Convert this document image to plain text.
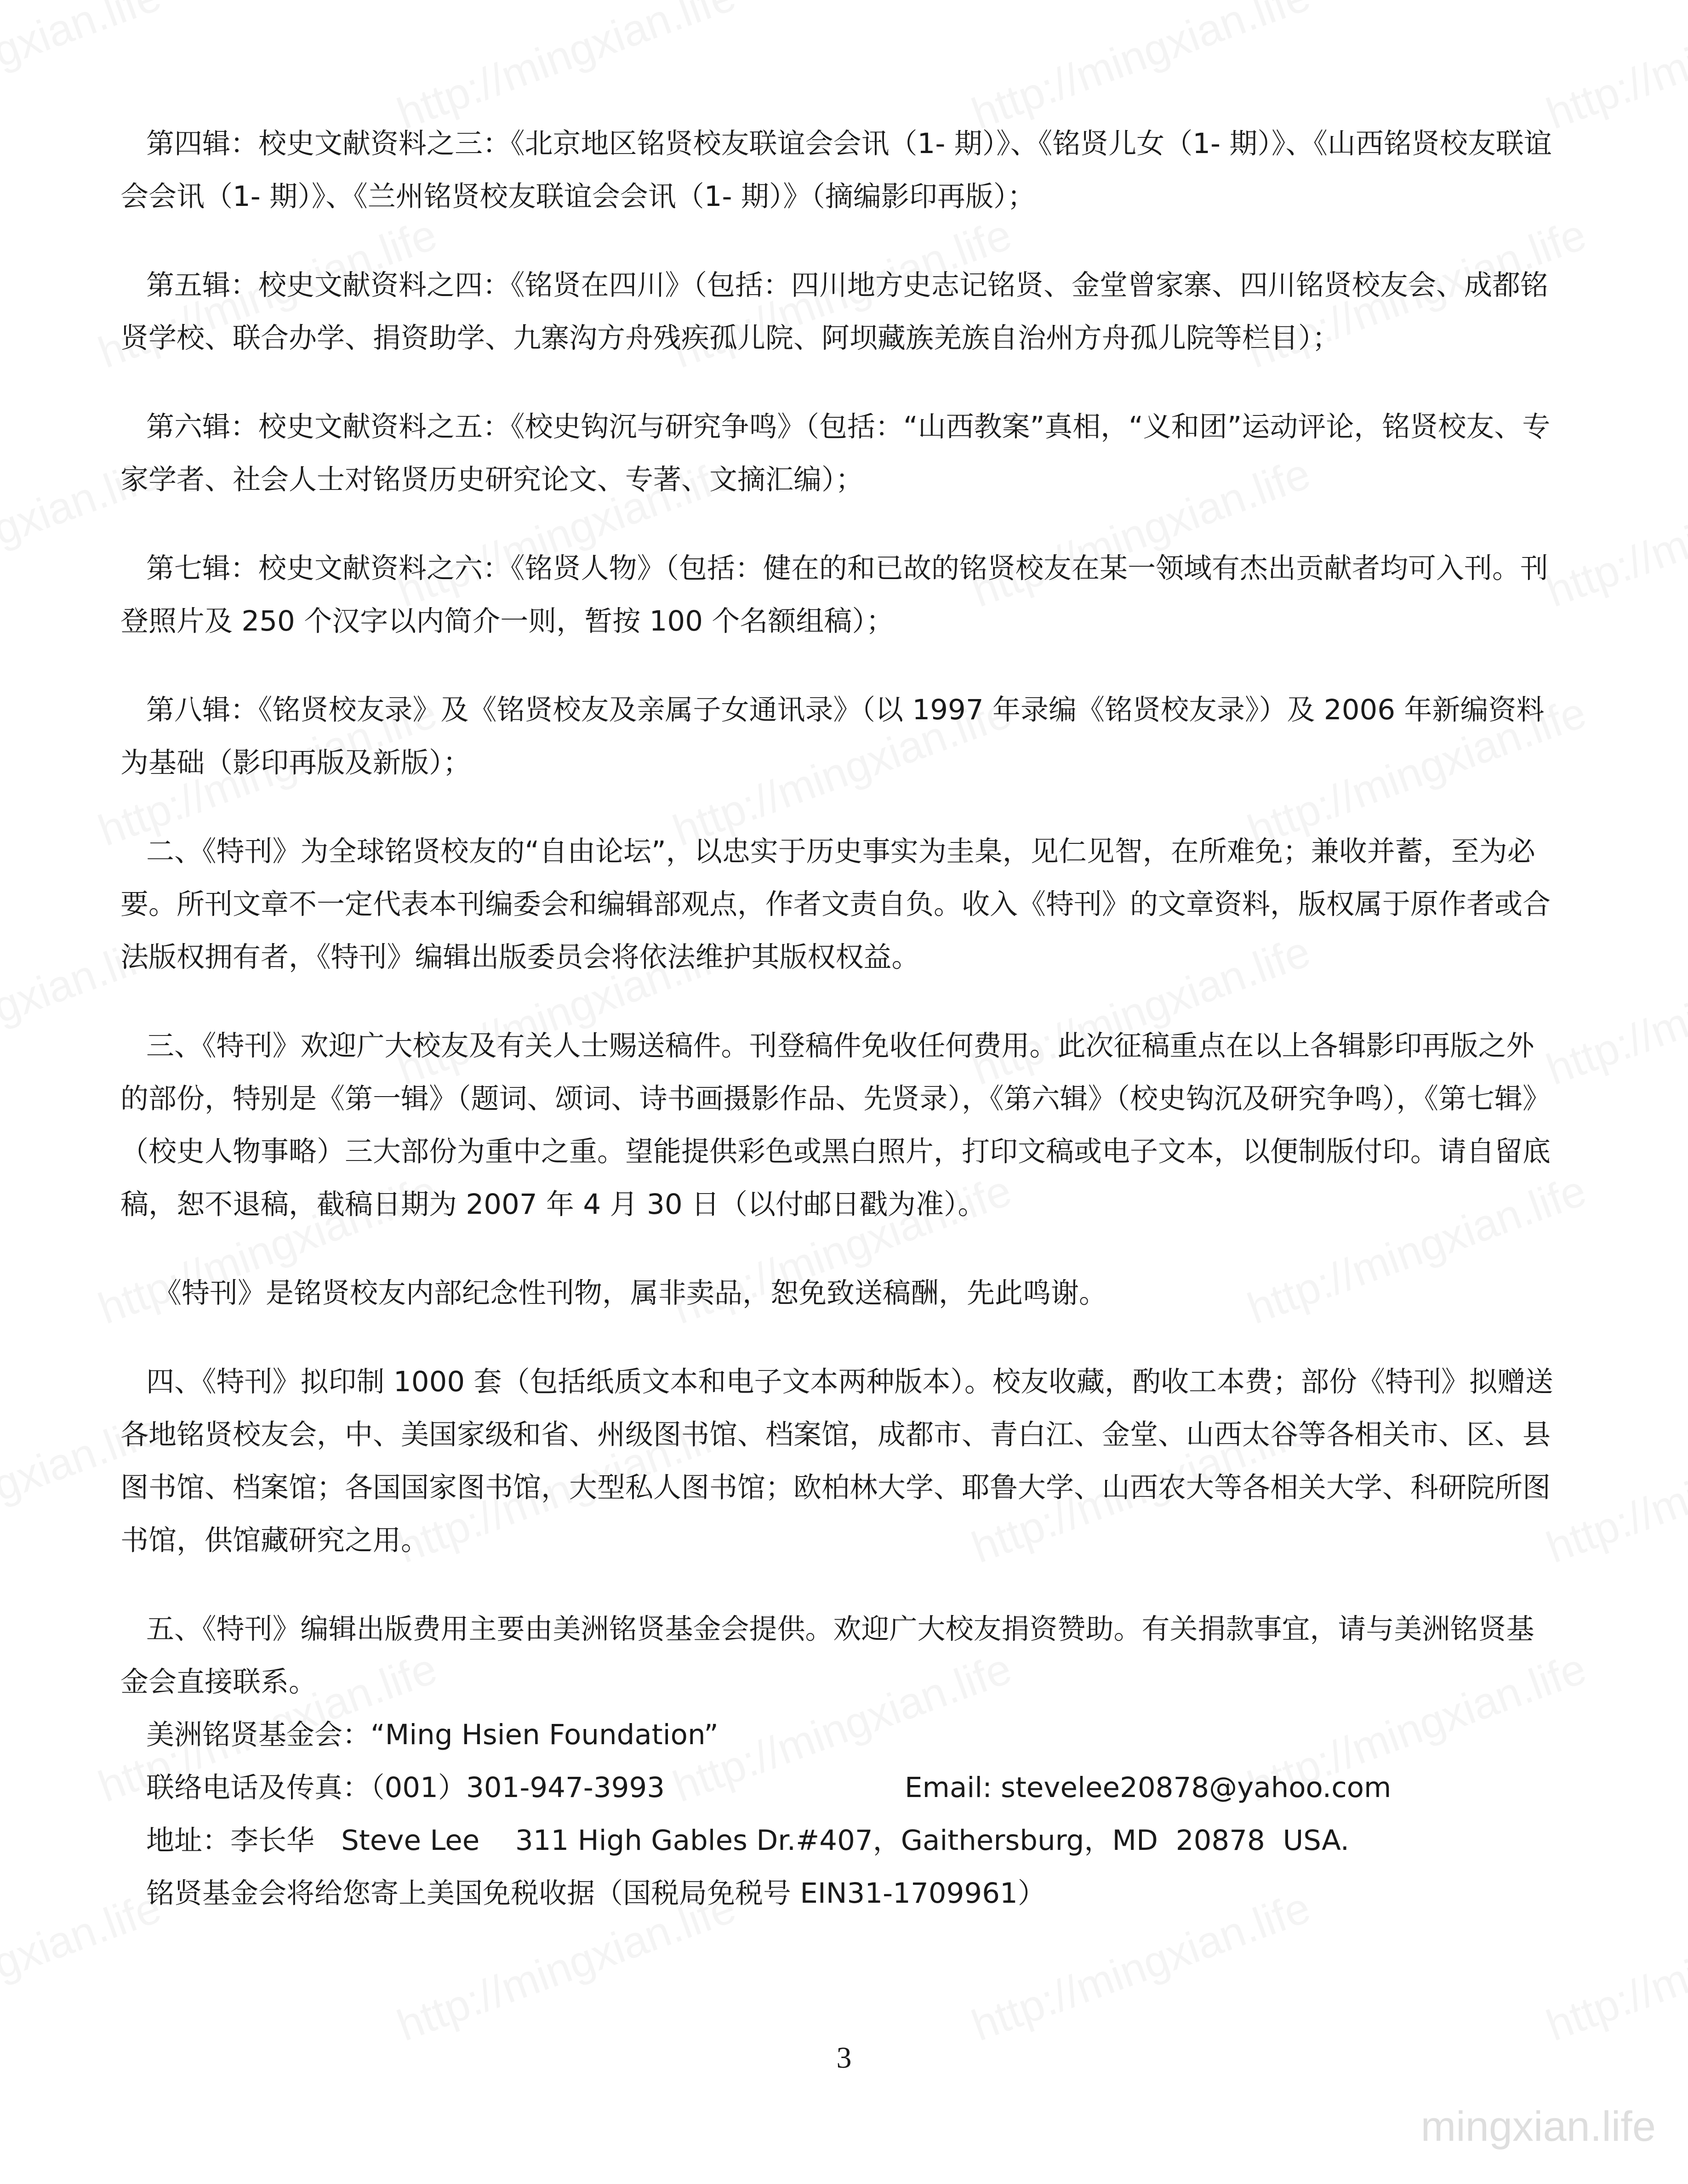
第四辑：校史文献资料之三：《北京地区铭贤校友联谊会会讯（1- 期）》、《铭贤儿女（1- 期）》、《山西铭贤校友联谊会会讯（1- 期）》、《兰州铭贤校友联谊会会讯（1- 期）》（摘编影印再版）；

第五辑：校史文献资料之四：《铭贤在四川》（包括：四川地方史志记铭贤、金堂曾家寨、四川铭贤校友会、成都铭贤学校、联合办学、捐资助学、九寨沟方舟残疾孤儿院、阿坝藏族羌族自治州方舟孤儿院等栏目）；

第六辑：校史文献资料之五：《校史钩沉与研究争鸣》（包括：“山西教案”真相，“义和团”运动评论，铭贤校友、专家学者、社会人士对铭贤历史研究论文、专著、文摘汇编）；

第七辑：校史文献资料之六：《铭贤人物》（包括：健在的和已故的铭贤校友在某一领域有杰出贡献者均可入刊。刊登照片及 250 个汉字以内简介一则，暂按 100 个名额组稿）；

第八辑：《铭贤校友录》及《铭贤校友及亲属子女通讯录》（以 1997 年录编《铭贤校友录》）及 2006 年新编资料为基础（影印再版及新版）；

二、《特刊》为全球铭贤校友的“自由论坛”，以忠实于历史事实为圭臬，见仁见智，在所难免；兼收并蓄，至为必要。所刊文章不一定代表本刊编委会和编辑部观点，作者文责自负。收入《特刊》的文章资料，版权属于原作者或合法版权拥有者，《特刊》编辑出版委员会将依法维护其版权权益。

三、《特刊》欢迎广大校友及有关人士赐送稿件。刊登稿件免收任何费用。此次征稿重点在以上各辑影印再版之外的部份，特别是《第一辑》（题词、颂词、诗书画摄影作品、先贤录），《第六辑》（校史钩沉及研究争鸣），《第七辑》（校史人物事略）三大部份为重中之重。望能提供彩色或黑白照片，打印文稿或电子文本，以便制版付印。请自留底稿，恕不退稿，截稿日期为 2007 年 4 月 30 日（以付邮日戳为准）。

《特刊》是铭贤校友内部纪念性刊物，属非卖品，恕免致送稿酬，先此鸣谢。

四、《特刊》拟印制 1000 套（包括纸质文本和电子文本两种版本）。校友收藏，酌收工本费；部份《特刊》拟赠送各地铭贤校友会，中、美国家级和省、州级图书馆、档案馆，成都市、青白江、金堂、山西太谷等各相关市、区、县图书馆、档案馆；各国国家图书馆，大型私人图书馆；欧柏林大学、耶鲁大学、山西农大等各相关大学、科研院所图书馆，供馆藏研究之用。

五、《特刊》编辑出版费用主要由美洲铭贤基金会提供。欢迎广大校友捐资赞助。有关捐款事宜，请与美洲铭贤基金会直接联系。

美洲铭贤基金会：“Ming Hsien Foundation”
联络电话及传真：（001）301-947-3993	Email: stevelee20878@yahoo.com
地址：李长华   Steve Lee    311 High Gables Dr.#407，Gaithersburg，MD  20878  USA.
铭贤基金会将给您寄上美国免税收据（国税局免税号 EIN31-1709961）
3
mingxian.life
